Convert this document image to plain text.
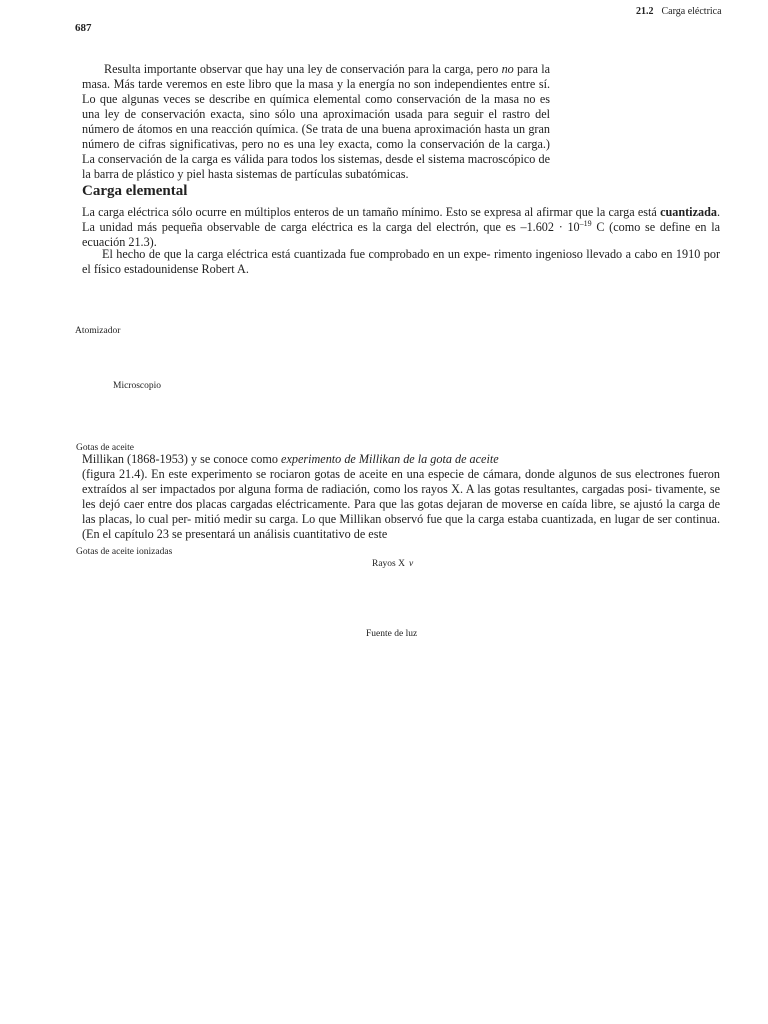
687
21.2 Carga eléctrica

Resulta importante observar que hay una ley de conservación para la carga, pero no para la masa. Más tarde veremos en este libro que la masa y la energía no son independientes entre sí. Lo que algunas veces se describe en química elemental como conservación de la masa no es una ley de conservación exacta, sino sólo una aproximación usada para seguir el rastro del número de átomos en una reacción química. (Se trata de una buena aproximación hasta un gran número de cifras significativas, pero no es una ley exacta, como la conservación de la carga.) La conservación de la carga es válida para todos los sistemas, desde el sistema macroscópico de la barra de plástico y piel hasta sistemas de partículas subatómicas.

Carga elemental

La carga eléctrica sólo ocurre en múltiplos enteros de un tamaño mínimo. Esto se expresa al afirmar que la carga está cuantizada. La unidad más pequeña observable de carga eléctrica es la carga del electrón, que es $-1.602 \cdot 10^{-19}$ C (como se define en la ecuación 21.3).

El hecho de que la carga eléctrica está cuantizada fue comprobado en un expe- rimento ingenioso llevado a cabo en 1910 por el físico estadounidense Robert A.

Atomizador
Microscopio
Gotas de aceite

Millikan (1868-1953) y se conoce como experimento de Millikan de la gota de aceite

(figura 21.4). En este experimento se rociaron gotas de aceite en una especie de cámara, donde algunos de sus electrones fueron extraídos al ser impactados por alguna forma de radiación, como los rayos X. A las gotas resultantes, cargadas posi- tivamente, se les dejó caer entre dos placas cargadas eléctricamente. Para que las gotas dejaran de moverse en caída libre, se ajustó la carga de las placas, lo cual per- mitió medir su carga. Lo que Millikan observó fue que la carga estaba cuantizada, en lugar de ser continua. (En el capítulo 23 se presentará un análisis cuantitativo de este

Gotas de aceite ionizadas
Rayos X ν
Fuente de luz
